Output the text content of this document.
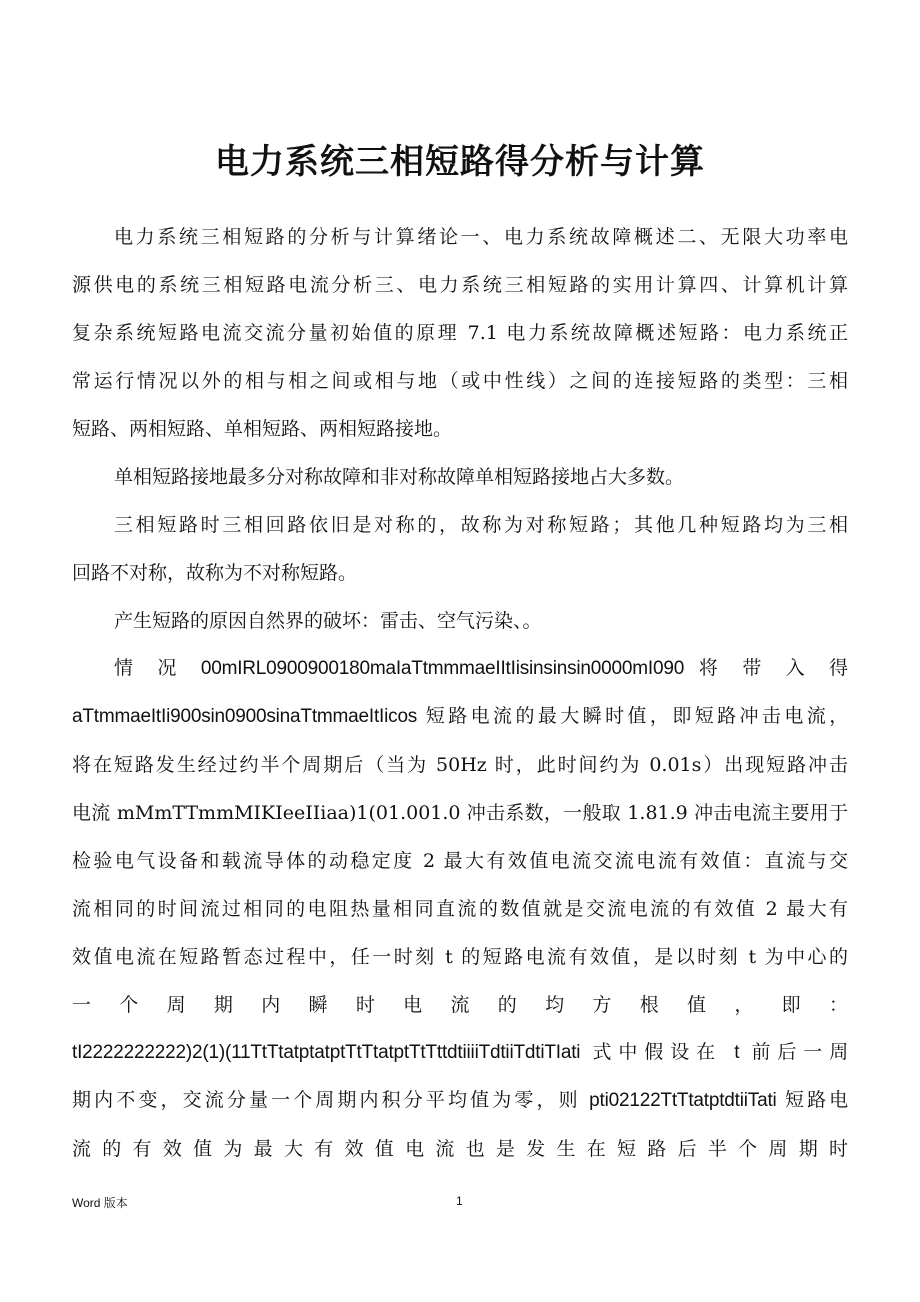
电力系统三相短路得分析与计算
电力系统三相短路的分析与计算绪论一、电力系统故障概述二、无限大功率电
源供电的系统三相短路电流分析三、电力系统三相短路的实用计算四、计算机计算
复杂系统短路电流交流分量初始值的原理 7.1 电力系统故障概述短路：电力系统正
常运行情况以外的相与相之间或相与地（或中性线）之间的连接短路的类型：三相
短路、两相短路、单相短路、两相短路接地。
单相短路接地最多分对称故障和非对称故障单相短路接地占大多数。
三相短路时三相回路依旧是对称的，故称为对称短路；其他几种短路均为三相
回路不对称，故称为不对称短路。
产生短路的原因自然界的破坏：雷击、空气污染、。
情 况 00mIRL0900900180maIaTtmmmaeIItIisinsinsin0000mI090 将 带 入 得
aTtmmaeItIi900sin0900sinaTtmmaeItIicos 短路电流的最大瞬时值，即短路冲击电流，
将在短路发生经过约半个周期后（当为 50Hz 时，此时间约为 0.01s）出现短路冲击
电流 mMmTTmmMIKIeeIIiaa)1(01.001.0 冲击系数，一般取 1.81.9 冲击电流主要用于
检验电气设备和载流导体的动稳定度 2 最大有效值电流交流电流有效值：直流与交
流相同的时间流过相同的电阻热量相同直流的数值就是交流电流的有效值 2 最大有
效值电流在短路暂态过程中，任一时刻 t 的短路电流有效值，是以时刻 t 为中心的
一 个 周 期 内 瞬 时 电 流 的 均 方 根 值 ， 即 ：
tI2222222222)2(1)(11TtTtatptatptTtTtatptTtTttdtiiiiTdtiiTdtiTIati 式中假设在 t 前后一周
期内不变，交流分量一个周期内积分平均值为零，则 pti02122TtTtatptdtiiTati 短路电
流 的 有 效 值 为 最 大 有 效 值 电 流 也 是 发 生 在 短 路 后 半 个 周 期 时
Word 版本	1
